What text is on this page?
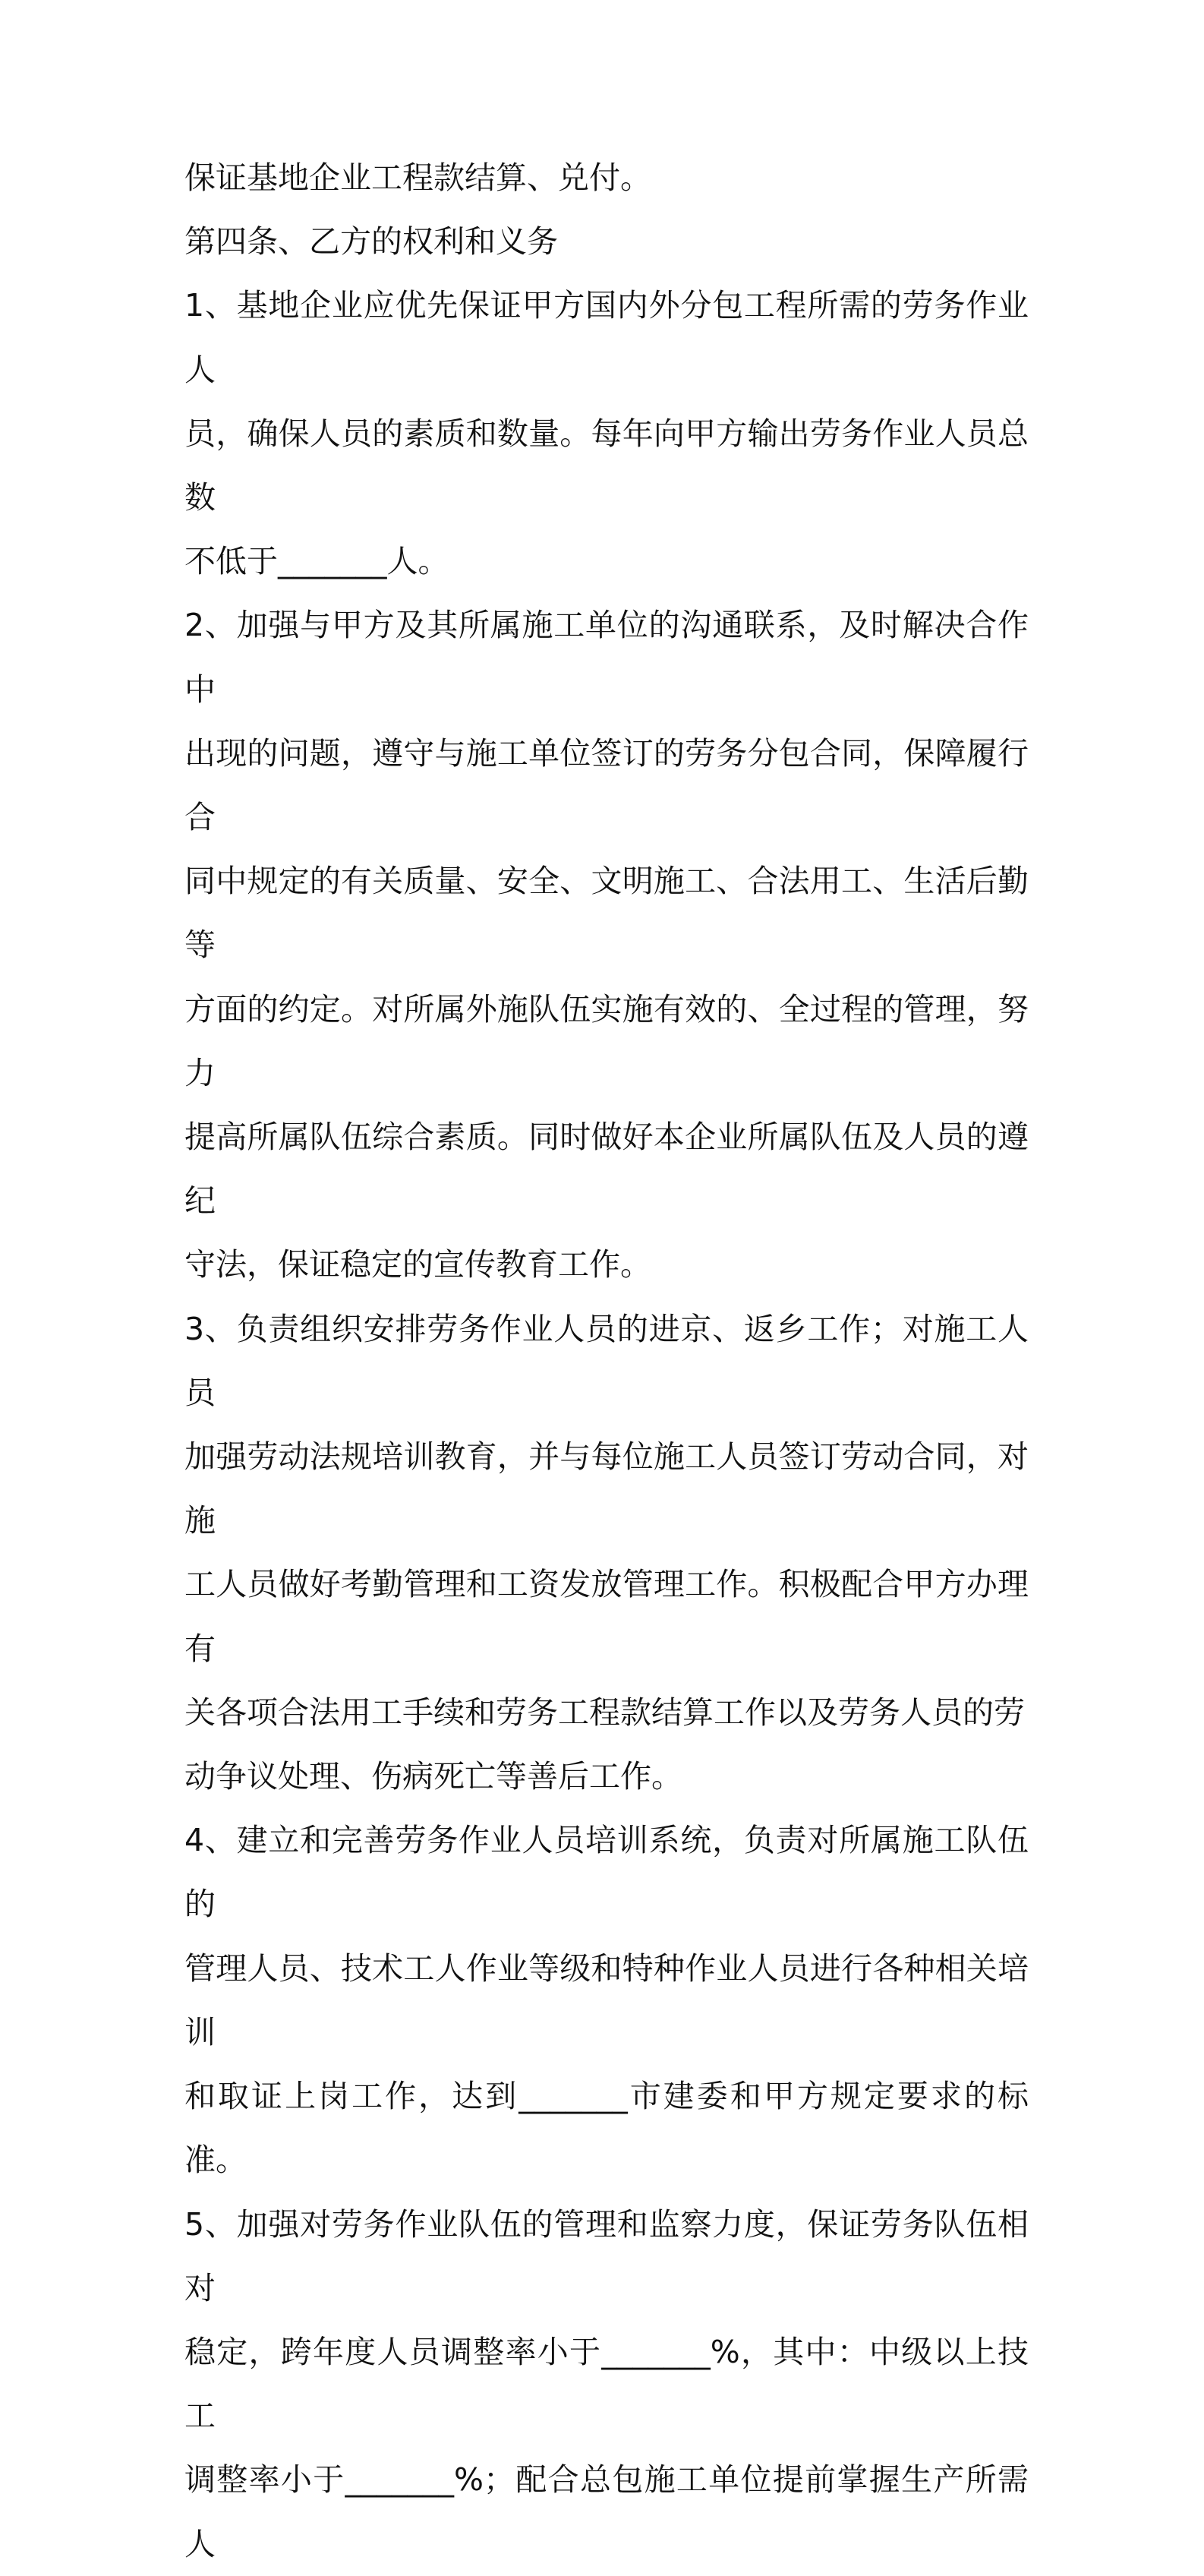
保证基地企业工程款结算、兑付。

第四条、乙方的权利和义务

1、基地企业应优先保证甲方国内外分包工程所需的劳务作业人

员，确保人员的素质和数量。每年向甲方输出劳务作业人员总数

不低于_______人。

2、加强与甲方及其所属施工单位的沟通联系，及时解决合作中

出现的问题，遵守与施工单位签订的劳务分包合同，保障履行合

同中规定的有关质量、安全、文明施工、合法用工、生活后勤等

方面的约定。对所属外施队伍实施有效的、全过程的管理，努力

提高所属队伍综合素质。同时做好本企业所属队伍及人员的遵纪

守法，保证稳定的宣传教育工作。

3、负责组织安排劳务作业人员的进京、返乡工作；对施工人员

加强劳动法规培训教育，并与每位施工人员签订劳动合同，对施

工人员做好考勤管理和工资发放管理工作。积极配合甲方办理有

关各项合法用工手续和劳务工程款结算工作以及劳务人员的劳

动争议处理、伤病死亡等善后工作。

4、建立和完善劳务作业人员培训系统，负责对所属施工队伍的

管理人员、技术工人作业等级和特种作业人员进行各种相关培训

和取证上岗工作，达到_______市建委和甲方规定要求的标准。

5、加强对劳务作业队伍的管理和监察力度，保证劳务队伍相对

稳定，跨年度人员调整率小于_______%，其中：中级以上技工

调整率小于_______%；配合总包施工单位提前掌握生产所需人
